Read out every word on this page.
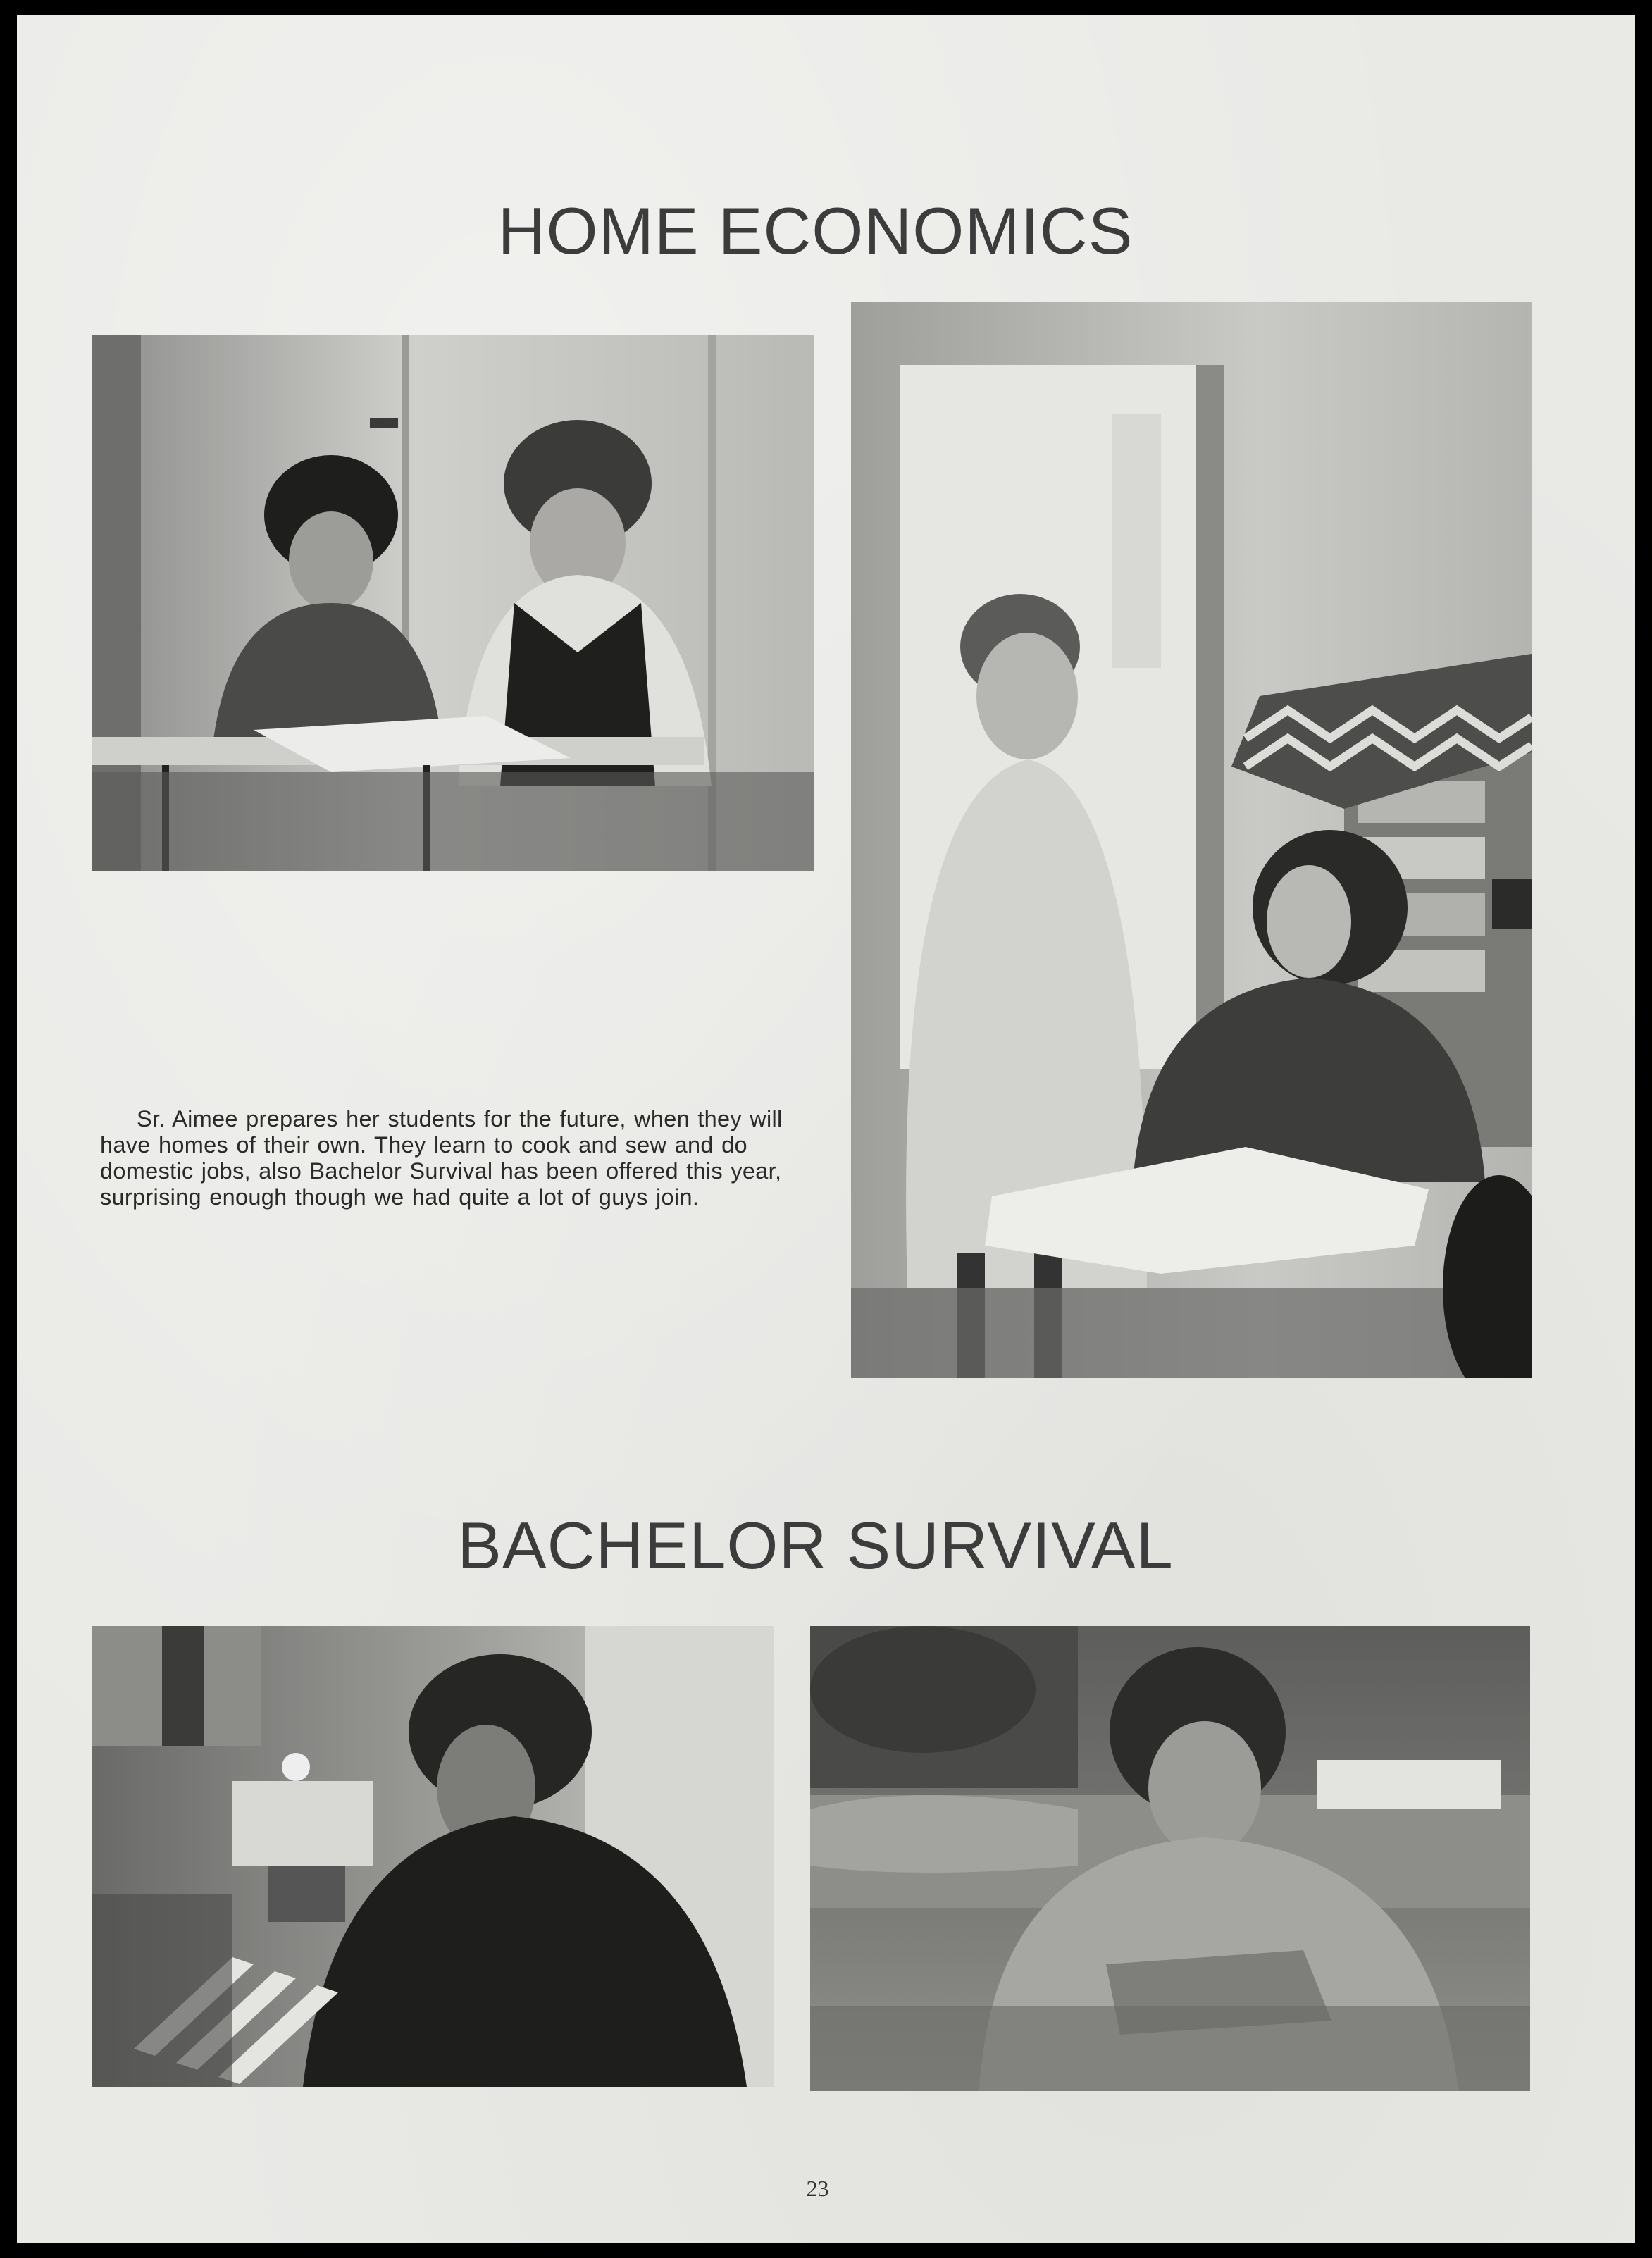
HOME ECONOMICS
Sr. Aimee prepares her students for the future, when they will have homes of their own. They learn to cook and sew and do domestic jobs, also Bachelor Survival has been offered this year, surprising enough though we had quite a lot of guys join.
BACHELOR SURVIVAL
23
